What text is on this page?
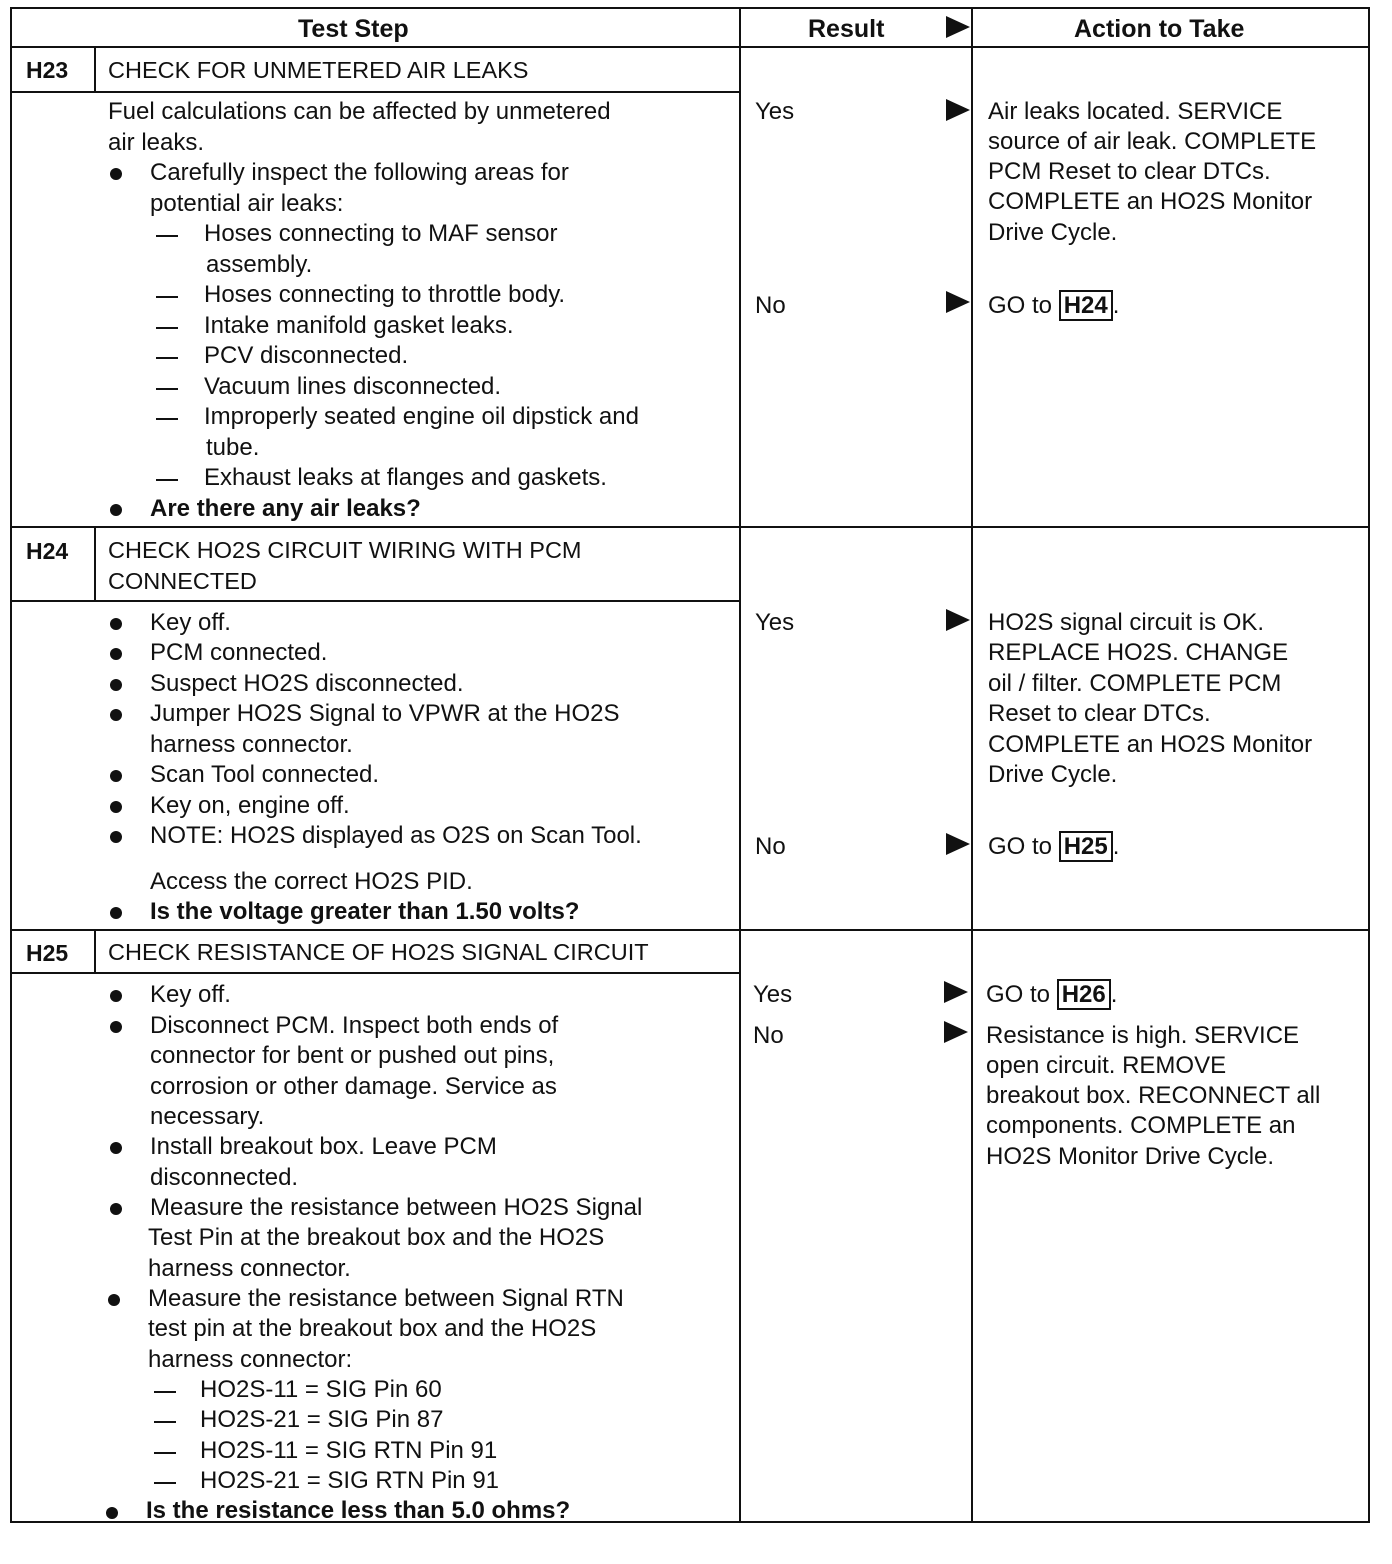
Test Step	Result	Action to Take
H23 CHECK FOR UNMETERED AIR LEAKS
Fuel calculations can be affected by unmetered
air leaks.
Carefully inspect the following areas for
potential air leaks:
Hoses connecting to MAF sensor
assembly.
Hoses connecting to throttle body.
Intake manifold gasket leaks.
PCV disconnected.
Vacuum lines disconnected.
Improperly seated engine oil dipstick and
tube.
Exhaust leaks at flanges and gaskets.
Are there any air leaks?
Yes
No
Air leaks located. SERVICE
source of air leak. COMPLETE
PCM Reset to clear DTCs.
COMPLETE an HO2S Monitor
Drive Cycle.
GO to H24 .
H24 CHECK HO2S CIRCUIT WIRING WITH PCM
CONNECTED
Key off.
PCM connected.
Suspect HO2S disconnected.
Jumper HO2S Signal to VPWR at the HO2S
harness connector.
Scan Tool connected.
Key on, engine off.
NOTE: HO2S displayed as O2S on Scan Tool.
Access the correct HO2S PID.
Is the voltage greater than 1.50 volts?
Yes
No
HO2S signal circuit is OK.
REPLACE HO2S. CHANGE
oil / filter. COMPLETE PCM
Reset to clear DTCs.
COMPLETE an HO2S Monitor
Drive Cycle.
GO to H25 .
H25 CHECK RESISTANCE OF HO2S SIGNAL CIRCUIT
Key off.
Disconnect PCM. Inspect both ends of
connector for bent or pushed out pins,
corrosion or other damage. Service as
necessary.
Install breakout box. Leave PCM
disconnected.
Measure the resistance between HO2S Signal
Test Pin at the breakout box and the HO2S
harness connector.
Measure the resistance between Signal RTN
test pin at the breakout box and the HO2S
harness connector:
HO2S-11 = SIG Pin 60
HO2S-21 = SIG Pin 87
HO2S-11 = SIG RTN Pin 91
HO2S-21 = SIG RTN Pin 91
Is the resistance less than 5.0 ohms?
Yes
No
GO to H26 .
Resistance is high. SERVICE
open circuit. REMOVE
breakout box. RECONNECT all
components. COMPLETE an
HO2S Monitor Drive Cycle.
